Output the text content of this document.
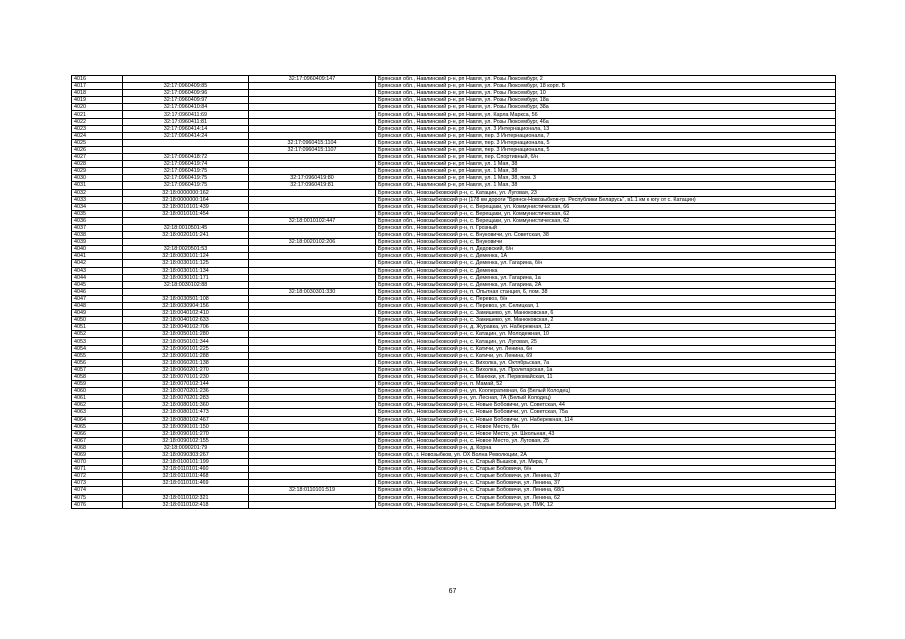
4016		32:17:0960409:147	Брянская обл., Навлинский р-н, рп Навля, ул. Розы Люксембург, 2
4017	32:17:0960409:85		Брянская обл., Навлинский р-н, рп Навля, ул. Розы Люксембург, 18 корп. Б
4018	32:17:0960409:96		Брянская обл., Навлинский р-н, рп Навля, ул. Розы Люксембург, 10
4019	32:17:0960409:97		Брянская обл., Навлинский р-н, рп Навля, ул. Розы Люксембург, 18а
4020	32:17:0960410:84		Брянская обл., Навлинский р-н, рп Навля, ул. Розы Люксембург, 38а
4021	32:17:0960411:69		Брянская обл., Навлинский р-н, рп Навля, ул. Карла Маркса, 56
4022	32:17:0960411:81		Брянская обл., Навлинский р-н, рп Навля, ул. Розы Люксембург, 46а
4023	32:17:0960414:14		Брянская обл., Навлинский р-н, рп Навля, ул. 3 Интернационала, 13
4024	32:17:0960414:24		Брянская обл., Навлинский р-н, рп Навля, пер. 3 Интернационала, 7
4025		32:17:0960415:1104	Брянская обл., Навлинский р-н, рп Навля, пер. 3 Интернационала, 5
4026		32:17:0960415:1107	Брянская обл., Навлинский р-н, рп Навля, пер. 3 Интернационала, 5
4027	32:17:0960418:72		Брянская обл., Навлинский р-н, рп Навля, пер. Спортивный, б/н
4028	32:17:0960419:74		Брянская обл., Навлинский р-н, рп Навля, ул. 1 Мая, 38
4029	32:17:0960419:75		Брянская обл., Навлинский р-н, рп Навля, ул. 1 Мая, 38
4030	32:17:0960419:75	32:17:0960419:80	Брянская обл., Навлинский р-н, рп Навля, ул. 1 Мая, 38, пом. 3
4031	32:17:0960419:75	32:17:0960419:81	Брянская обл., Навлинский р-н, рп Навля, ул. 1 Мая, 38
4032	32:18:0000000:162		Брянская обл., Новозыбковский р-н, с. Катацин, ул. Луговая, 23
4033	32:18:0000000:164		Брянская обл., Новозыбковский р-н (178 км дороги "Брянск-Новозыбков-гр. Республики Беларусь", в1.1 км к югу от с. Катацин)
4034	32:18:0010101:439		Брянская обл., Новозыбковский р-н, с. Верещаки, ул. Коммунистическая, 66
4035	32:18:0010101:454		Брянская обл., Новозыбковский р-н, с. Верещаки, ул. Коммунистическая, 62
4036		32:18:0010102:447	Брянская обл., Новозыбковский р-н, с. Верещаки, ул. Коммунистическая, 62
4037	32:18:0010501:45		Брянская обл., Новозыбковский р-н, п. Грозный
4038	32:18:0020101:241		Брянская обл., Новозыбковский р-н, с. Внуковичи, ул. Советская, 38
4039		32:18:0020102:206	Брянская обл., Новозыбковский р-н, с. Внуковичи
4040	32:18:0020501:53		Брянская обл., Новозыбковский р-н, п. Дедовский, б/н
4041	32:18:0030101:124		Брянская обл., Новозыбковский р-н, с. Деменка, 1А
4042	32:18:0030101:125		Брянская обл., Новозыбковский р-н, с. Деменка, ул. Гагарина, б/н
4043	32:18:0030101:134		Брянская обл., Новозыбковский р-н, с. Деменка
4044	32:18:0030101:171		Брянская обл., Новозыбковский р-н, с. Деменка, ул. Гагарина, 1а
4045	32:18:0030102:88		Брянская обл., Новозыбковский р-н, с. Деменка, ул. Гагарина, 2А
4046		32:18:0030301:330	Брянская обл., Новозыбковский р-н, п. Опытная станция, 6, пом. 38
4047	32:18:0030501:108		Брянская обл., Новозыбковский р-н, с. Перевоз, б/н
4048	32:18:0030904:156		Брянская обл., Новозыбковский р-н, с. Перевоз, ул. Селицкая, 1
4049	32:18:0040102:410		Брянская обл., Новозыбковский р-н, с. Замишево, ул. Манюковская, 6
4050	32:18:0040102:633		Брянская обл., Новозыбковский р-н, с. Замишево, ул. Манюковская, 2
4051	32:18:0040102:706		Брянская обл., Новозыбковский р-н, д. Журавка, ул. Набережная, 12
4052	32:18:0050101:280		Брянская обл., Новозыбковский р-н, с. Катацин, ул. Молодежная, 10
4053	32:18:0050101:344		Брянская обл., Новозыбковский р-н, с. Катацин, ул. Луговая, 25
4054	32:18:0060101:225		Брянская обл., Новозыбковский р-н, с. Катичи, ул. Ленина, 6н
4055	32:18:0060101:288		Брянская обл., Новозыбковский р-н, с. Катичи, ул. Ленина, 69
4056	32:18:0060201:138		Брянская обл., Новозыбковский р-н, с. Вихолка, ул. Октябрьская, 7а
4057	32:18:0060201:270		Брянская обл., Новозыбковский р-н, с. Вихолка, ул. Пролетарская, 1а
4058	32:18:0070101:230		Брянская обл., Новозыбковский р-н, с. Манюки, ул. Первомайская, 11
4059	32:18:0070102:144		Брянская обл., Новозыбковский р-н, п. Мамай, 52
4060	32:18:0070201:236		Брянская обл., Новозыбковский р-н, ул. Кооперативная, 6а (Белый Колодец)
4061	32:18:0070201:283		Брянская обл., Новозыбковский р-н, ул. Лесная, 7А (Белый Колодец)
4062	32:18:0080101:360		Брянская обл., Новозыбковский р-н, с. Новые Бобовичи, ул. Советская, 44
4063	32:18:0080101:473		Брянская обл., Новозыбковский р-н, с. Новые Бобовичи, ул. Советская, 75а
4064	32:18:0080102:467		Брянская обл., Новозыбковский р-н, с. Новые Бобовичи, ул. Набережная, 114
4065	32:18:0090101:150		Брянская обл., Новозыбковский р-н, с. Новое Место, б/н
4066	32:18:0090101:270		Брянская обл., Новозыбковский р-н, с. Новое Место, ул. Школьная, 43
4067	32:18:0090102:155		Брянская обл., Новозыбковский р-н, с. Новое Место, ул. Луговая, 25
4068	32:18:0090201:79		Брянская обл., Новозыбковский р-н, д. Корна
4069	32:18:0090303:267		Брянская обл., г. Новозыбков, ул. ОХ Волна Революции, 2А
4070	32:18:0100101:199		Брянская обл., Новозыбковский р-н, с. Старый Вышков, ул. Мира, 7
4071	32:18:0110101:460		Брянская обл., Новозыбковский р-н, с. Старые Бобовичи, б/н
4072	32:18:0110101:468		Брянская обл., Новозыбковский р-н, с. Старые Бобовичи, ул. Ленина, 37
4073	32:18:0110101:469		Брянская обл., Новозыбковский р-н, с. Старые Бобовичи, ул. Ленина, 37
4074		32:18:0110101:519	Брянская обл., Новозыбковский р-н, с. Старые Бобовичи, ул. Ленина, 68/1
4075	32:18:0110102:321		Брянская обл., Новозыбковский р-н, с. Старые Бобовичи, ул. Ленина, 62
4076	32:18:0110102:418		Брянская обл., Новозыбковский р-н, с. Старые Бобовичи, ул. ПМК, 12
67
